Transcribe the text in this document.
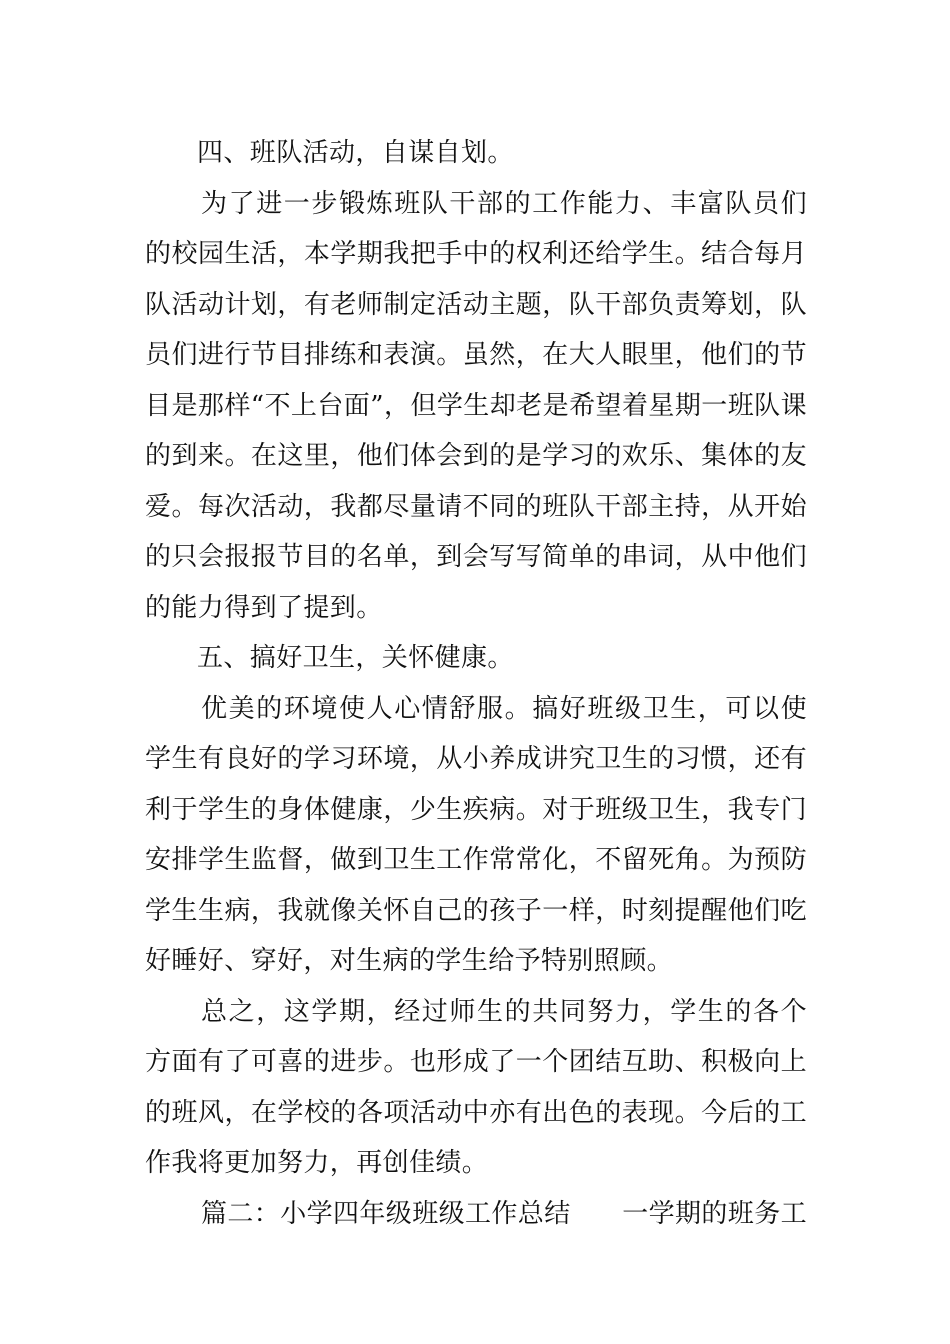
四、班队活动，自谋自划。

为了进一步锻炼班队干部的工作能力、丰富队员们的校园生活，本学期我把手中的权利还给学生。结合每月队活动计划，有老师制定活动主题，队干部负责筹划，队员们进行节目排练和表演。虽然，在大人眼里，他们的节目是那样“不上台面”，但学生却老是希望着星期一班队课的到来。在这里，他们体会到的是学习的欢乐、集体的友爱。每次活动，我都尽量请不同的班队干部主持，从开始的只会报报节目的名单，到会写写简单的串词，从中他们的能力得到了提到。

五、搞好卫生，关怀健康。

优美的环境使人心情舒服。搞好班级卫生，可以使学生有良好的学习环境，从小养成讲究卫生的习惯，还有利于学生的身体健康，少生疾病。对于班级卫生，我专门安排学生监督，做到卫生工作常常化，不留死角。为预防学生生病，我就像关怀自己的孩子一样，时刻提醒他们吃好睡好、穿好，对生病的学生给予特别照顾。

总之，这学期，经过师生的共同努力，学生的各个方面有了可喜的进步。也形成了一个团结互助、积极向上的班风，在学校的各项活动中亦有出色的表现。今后的工作我将更加努力，再创佳绩。

篇二：小学四年级班级工作总结 一学期的班务工
